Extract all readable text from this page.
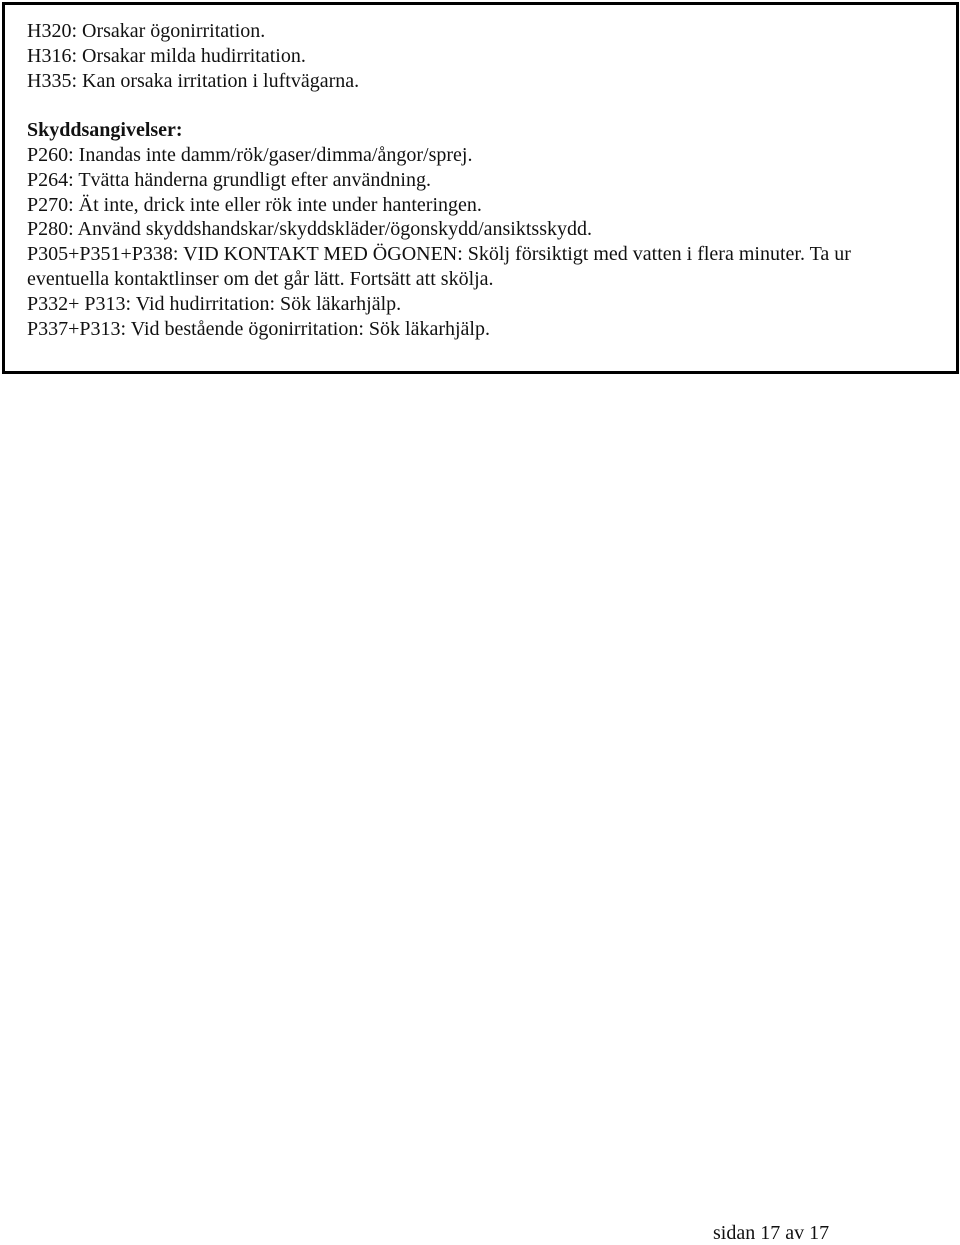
H320: Orsakar ögonirritation.
H316: Orsakar milda hudirritation.
H335: Kan orsaka irritation i luftvägarna.
Skyddsangivelser:
P260: Inandas inte damm/rök/gaser/dimma/ångor/sprej.
P264: Tvätta händerna grundligt efter användning.
P270: Ät inte, drick inte eller rök inte under hanteringen.
P280: Använd skyddshandskar/skyddskläder/ögonskydd/ansiktsskydd.
P305+P351+P338: VID KONTAKT MED ÖGONEN: Skölj försiktigt med vatten i flera minuter. Ta ur
eventuella kontaktlinser om det går lätt. Fortsätt att skölja.
P332+ P313: Vid hudirritation: Sök läkarhjälp.
P337+P313: Vid bestående ögonirritation: Sök läkarhjälp.
sidan 17 av 17
